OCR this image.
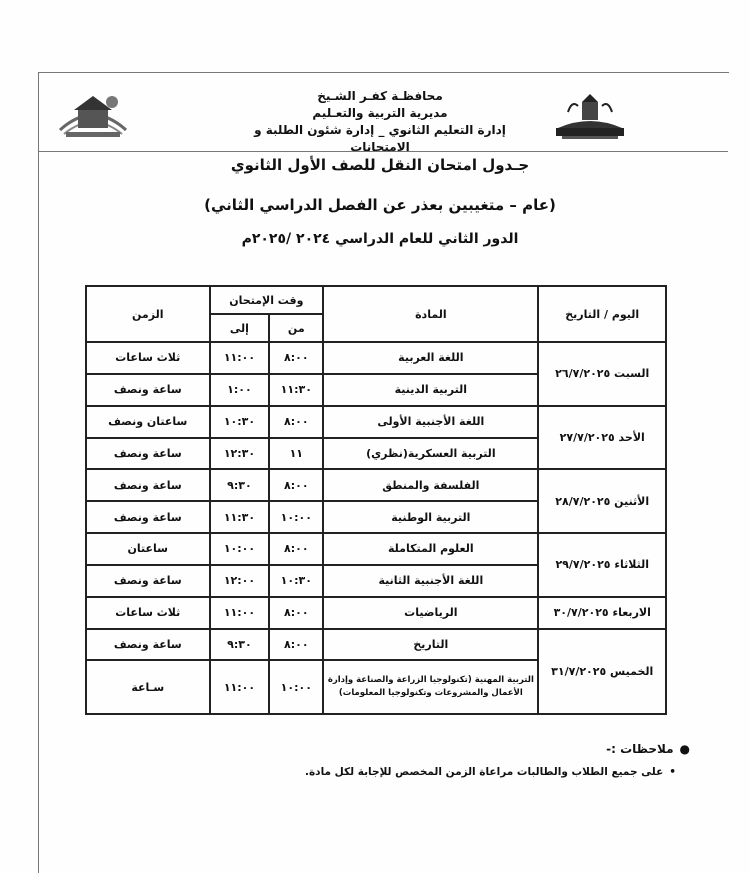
محافظـة كفـر الشـيخ
مديرية التربية والتعـليم
إدارة التعليم الثانوي _ إدارة شئون الطلبة و الامتحانات
جـدول امتحان النقل للصف الأول الثانوي
(عام – متغيبين بعذر عن الفصل الدراسي الثاني)
الدور الثاني للعام الدراسي ٢٠٢٤ /٢٠٢٥م
اليوم / التاريخ	المادة	وقت الإمتحان		الزمن
		من	إلى	
السبت ٢٦/٧/٢٠٢٥	اللغة العربية	٨:٠٠	١١:٠٠	ثلاث ساعات
	التربية الدينية	١١:٣٠	١:٠٠	ساعة ونصف
الأحد ٢٧/٧/٢٠٢٥	اللغة الأجنبية الأولى	٨:٠٠	١٠:٣٠	ساعتان ونصف
	التربية العسكرية(نظري)	١١	١٢:٣٠	ساعة ونصف
الأثنين ٢٨/٧/٢٠٢٥	الفلسفة والمنطق	٨:٠٠	٩:٣٠	ساعة ونصف
	التربية الوطنية	١٠:٠٠	١١:٣٠	ساعة ونصف
الثلاثاء ٢٩/٧/٢٠٢٥	العلوم المتكاملة	٨:٠٠	١٠:٠٠	ساعتان
	اللغة الأجنبية الثانية	١٠:٣٠	١٢:٠٠	ساعة ونصف
الاربعاء ٣٠/٧/٢٠٢٥	الرياضيات	٨:٠٠	١١:٠٠	ثلاث ساعات
الخميس ٣١/٧/٢٠٢٥	التاريخ	٨:٠٠	٩:٣٠	ساعة ونصف
	التربية المهنية (تكنولوجيا الزراعة والصناعة وإدارة الأعمال والمشروعات وتكنولوجيا المعلومات)	١٠:٠٠	١١:٠٠	سـاعة
●ملاحظات :-
•على جميع الطلاب والطالبات مراعاة الزمن المخصص للإجابة لكل مادة.
